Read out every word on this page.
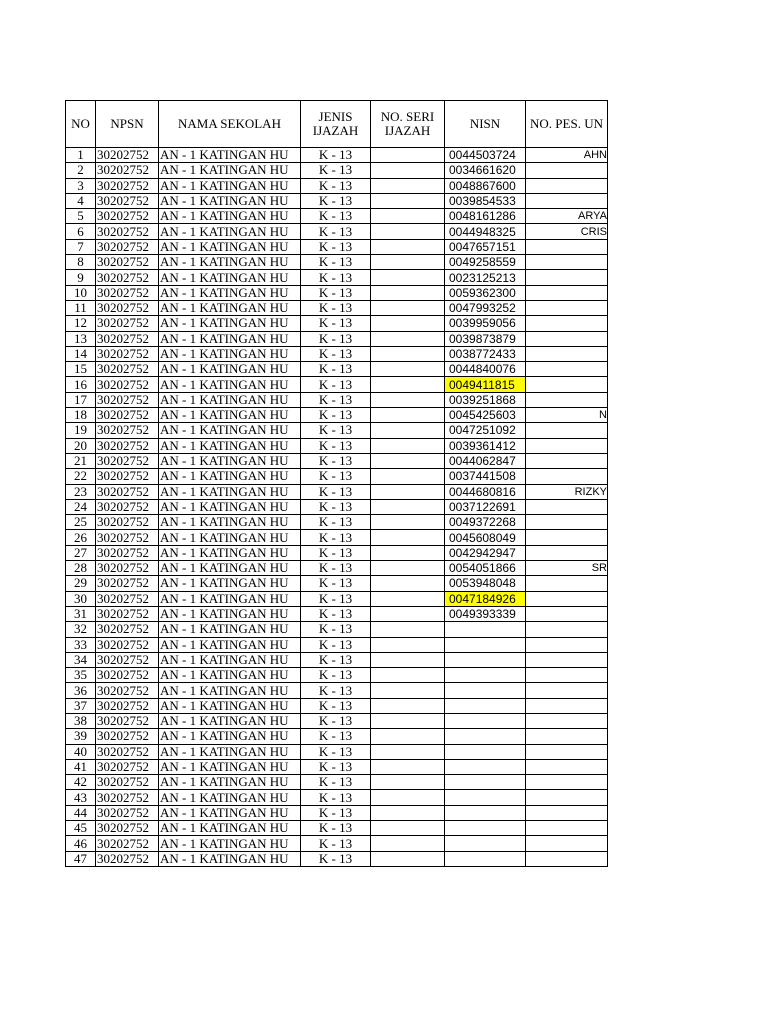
NO	NPSN	NAMA SEKOLAH	JENIS IJAZAH	NO. SERI IJAZAH	NISN	NO. PES. UN
1	30202752	AN - 1 KATINGAN HU	K - 13		0044503724	AHN
2	30202752	AN - 1 KATINGAN HU	K - 13		0034661620	
3	30202752	AN - 1 KATINGAN HU	K - 13		0048867600	
4	30202752	AN - 1 KATINGAN HU	K - 13		0039854533	
5	30202752	AN - 1 KATINGAN HU	K - 13		0048161286	ARYA
6	30202752	AN - 1 KATINGAN HU	K - 13		0044948325	CRIS
7	30202752	AN - 1 KATINGAN HU	K - 13		0047657151	
8	30202752	AN - 1 KATINGAN HU	K - 13		0049258559	
9	30202752	AN - 1 KATINGAN HU	K - 13		0023125213	
10	30202752	AN - 1 KATINGAN HU	K - 13		0059362300	
11	30202752	AN - 1 KATINGAN HU	K - 13		0047993252	
12	30202752	AN - 1 KATINGAN HU	K - 13		0039959056	
13	30202752	AN - 1 KATINGAN HU	K - 13		0039873879	
14	30202752	AN - 1 KATINGAN HU	K - 13		0038772433	
15	30202752	AN - 1 KATINGAN HU	K - 13		0044840076	
16	30202752	AN - 1 KATINGAN HU	K - 13		0049411815	
17	30202752	AN - 1 KATINGAN HU	K - 13		0039251868	
18	30202752	AN - 1 KATINGAN HU	K - 13		0045425603	N
19	30202752	AN - 1 KATINGAN HU	K - 13		0047251092	
20	30202752	AN - 1 KATINGAN HU	K - 13		0039361412	
21	30202752	AN - 1 KATINGAN HU	K - 13		0044062847	
22	30202752	AN - 1 KATINGAN HU	K - 13		0037441508	
23	30202752	AN - 1 KATINGAN HU	K - 13		0044680816	RIZKY
24	30202752	AN - 1 KATINGAN HU	K - 13		0037122691	
25	30202752	AN - 1 KATINGAN HU	K - 13		0049372268	
26	30202752	AN - 1 KATINGAN HU	K - 13		0045608049	
27	30202752	AN - 1 KATINGAN HU	K - 13		0042942947	
28	30202752	AN - 1 KATINGAN HU	K - 13		0054051866	SR
29	30202752	AN - 1 KATINGAN HU	K - 13		0053948048	
30	30202752	AN - 1 KATINGAN HU	K - 13		0047184926	
31	30202752	AN - 1 KATINGAN HU	K - 13		0049393339	
32	30202752	AN - 1 KATINGAN HU	K - 13			
33	30202752	AN - 1 KATINGAN HU	K - 13			
34	30202752	AN - 1 KATINGAN HU	K - 13			
35	30202752	AN - 1 KATINGAN HU	K - 13			
36	30202752	AN - 1 KATINGAN HU	K - 13			
37	30202752	AN - 1 KATINGAN HU	K - 13			
38	30202752	AN - 1 KATINGAN HU	K - 13			
39	30202752	AN - 1 KATINGAN HU	K - 13			
40	30202752	AN - 1 KATINGAN HU	K - 13			
41	30202752	AN - 1 KATINGAN HU	K - 13			
42	30202752	AN - 1 KATINGAN HU	K - 13			
43	30202752	AN - 1 KATINGAN HU	K - 13			
44	30202752	AN - 1 KATINGAN HU	K - 13			
45	30202752	AN - 1 KATINGAN HU	K - 13			
46	30202752	AN - 1 KATINGAN HU	K - 13			
47	30202752	AN - 1 KATINGAN HU	K - 13			
